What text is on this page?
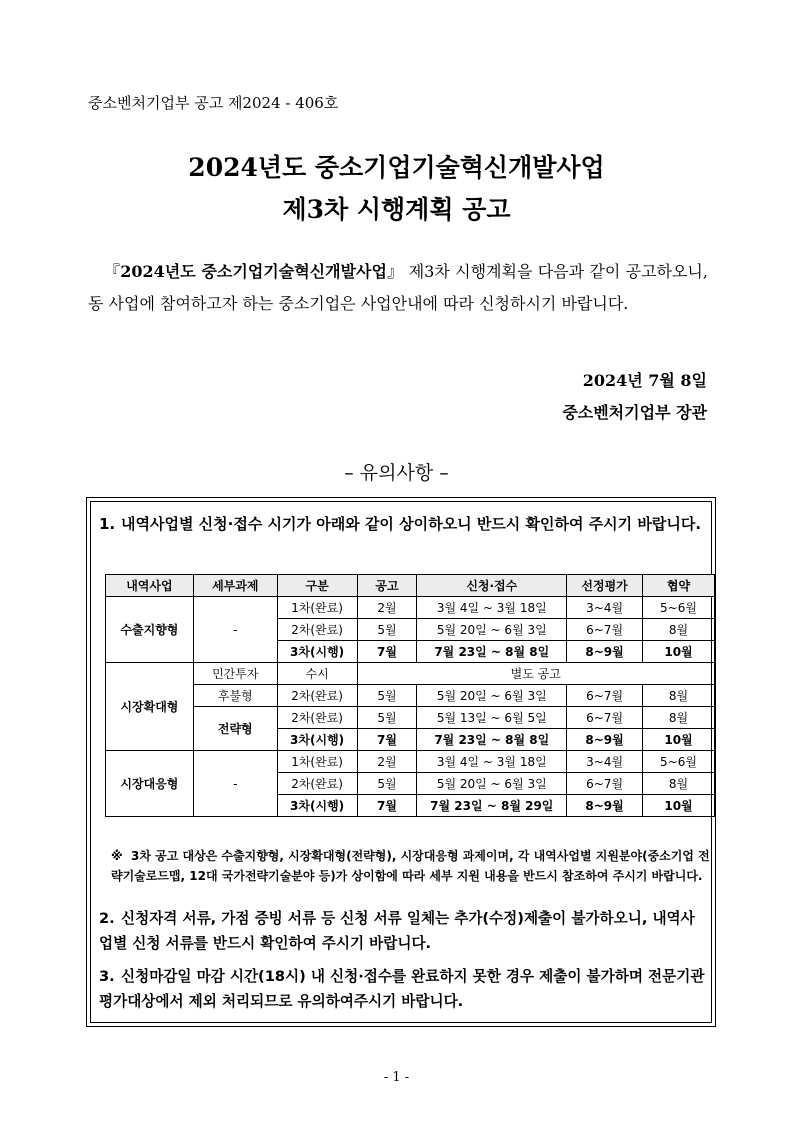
중소벤처기업부 공고 제2024 - 406호
2024년도 중소기업기술혁신개발사업
제3차 시행계획 공고
『2024년도 중소기업기술혁신개발사업』 제3차 시행계획을 다음과 같이 공고하오니, 동 사업에 참여하고자 하는 중소기업은 사업안내에 따라 신청하시기 바랍니다.
2024년 7월 8일
중소벤처기업부 장관
– 유의사항 –
1. 내역사업별 신청·접수 시기가 아래와 같이 상이하오니 반드시 확인하여 주시기 바랍니다.
내역사업	세부과제	구분	공고	신청·접수	선정평가	협약
수출지향형	-	1차(완료)	2월	3월 4일 ~ 3월 18일	3~4월	5~6월
		2차(완료)	5월	5월 20일 ~ 6월 3일	6~7월	8월
		3차(시행)	7월	7월 23일 ~ 8월 8일	8~9월	10월
시장확대형	민간투자	수시	별도 공고			
	후불형	2차(완료)	5월	5월 20일 ~ 6월 3일	6~7월	8월
	전략형	2차(완료)	5월	5월 13일 ~ 6월 5일	6~7월	8월
		3차(시행)	7월	7월 23일 ~ 8월 8일	8~9월	10월
시장대응형	-	1차(완료)	2월	3월 4일 ~ 3월 18일	3~4월	5~6월
		2차(완료)	5월	5월 20일 ~ 6월 3일	6~7월	8월
		3차(시행)	7월	7월 23일 ~ 8월 29일	8~9월	10월
※ 3차 공고 대상은 수출지향형, 시장확대형(전략형), 시장대응형 과제이며, 각 내역사업별 지원분야(중소기업 전략기술로드맵, 12대 국가전략기술분야 등)가 상이함에 따라 세부 지원 내용을 반드시 참조하여 주시기 바랍니다.
2. 신청자격 서류, 가점 증빙 서류 등 신청 서류 일체는 추가(수정)제출이 불가하오니, 내역사업별 신청 서류를 반드시 확인하여 주시기 바랍니다.
3. 신청마감일 마감 시간(18시) 내 신청·접수를 완료하지 못한 경우 제출이 불가하며 전문기관 평가대상에서 제외 처리되므로 유의하여주시기 바랍니다.
- 1 -
